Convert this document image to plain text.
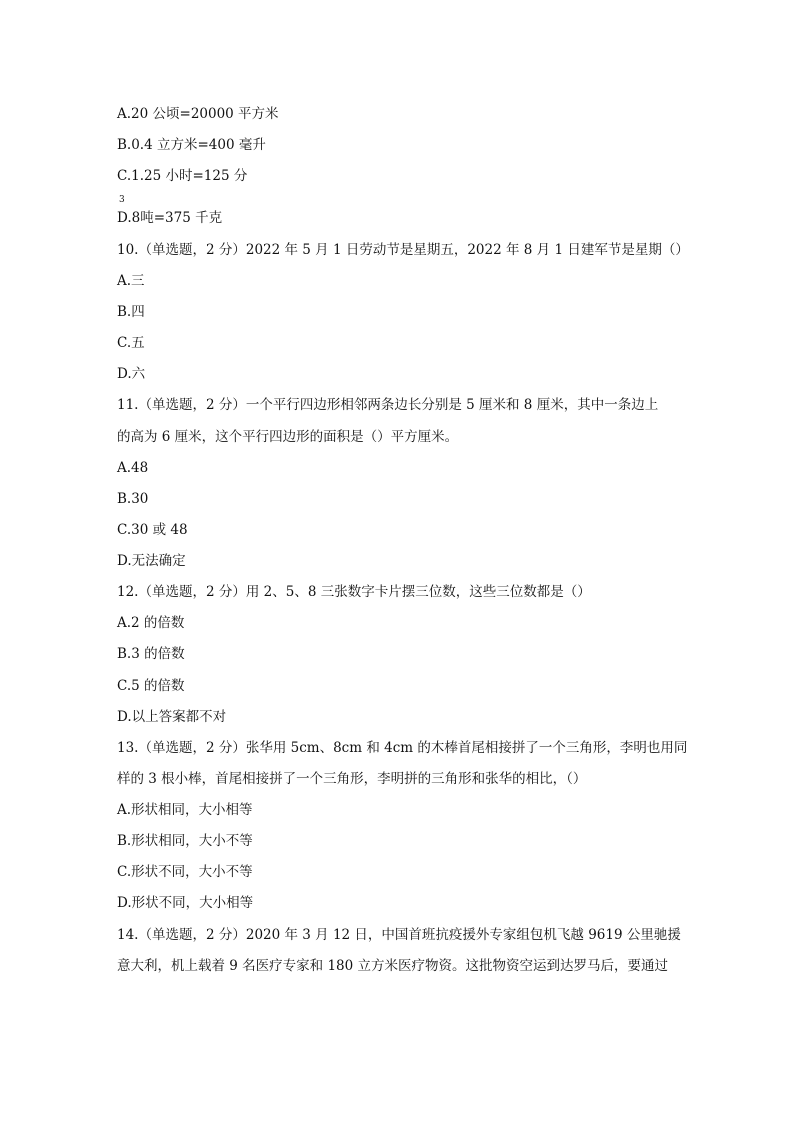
A.20 公顷=20000 平方米
B.0.4 立方米=400 毫升
C.1.25 小时=125 分
3
D.8吨=375 千克
10.（单选题，2 分）2022 年 5 月 1 日劳动节是星期五，2022 年 8 月 1 日建军节是星期（）
A.三
B.四
C.五
D.六
11.（单选题，2 分）一个平行四边形相邻两条边长分别是 5 厘米和 8 厘米，其中一条边上
的高为 6 厘米，这个平行四边形的面积是（）平方厘米。
A.48
B.30
C.30 或 48
D.无法确定
12.（单选题，2 分）用 2、5、8 三张数字卡片摆三位数，这些三位数都是（）
A.2 的倍数
B.3 的倍数
C.5 的倍数
D.以上答案都不对
13.（单选题，2 分）张华用 5cm、8cm 和 4cm 的木棒首尾相接拼了一个三角形，李明也用同
样的 3 根小棒，首尾相接拼了一个三角形，李明拼的三角形和张华的相比，（）
A.形状相同，大小相等
B.形状相同，大小不等
C.形状不同，大小不等
D.形状不同，大小相等
14.（单选题，2 分）2020 年 3 月 12 日，中国首班抗疫援外专家组包机飞越 9619 公里驰援
意大利，机上载着 9 名医疗专家和 180 立方米医疗物资。这批物资空运到达罗马后，要通过
